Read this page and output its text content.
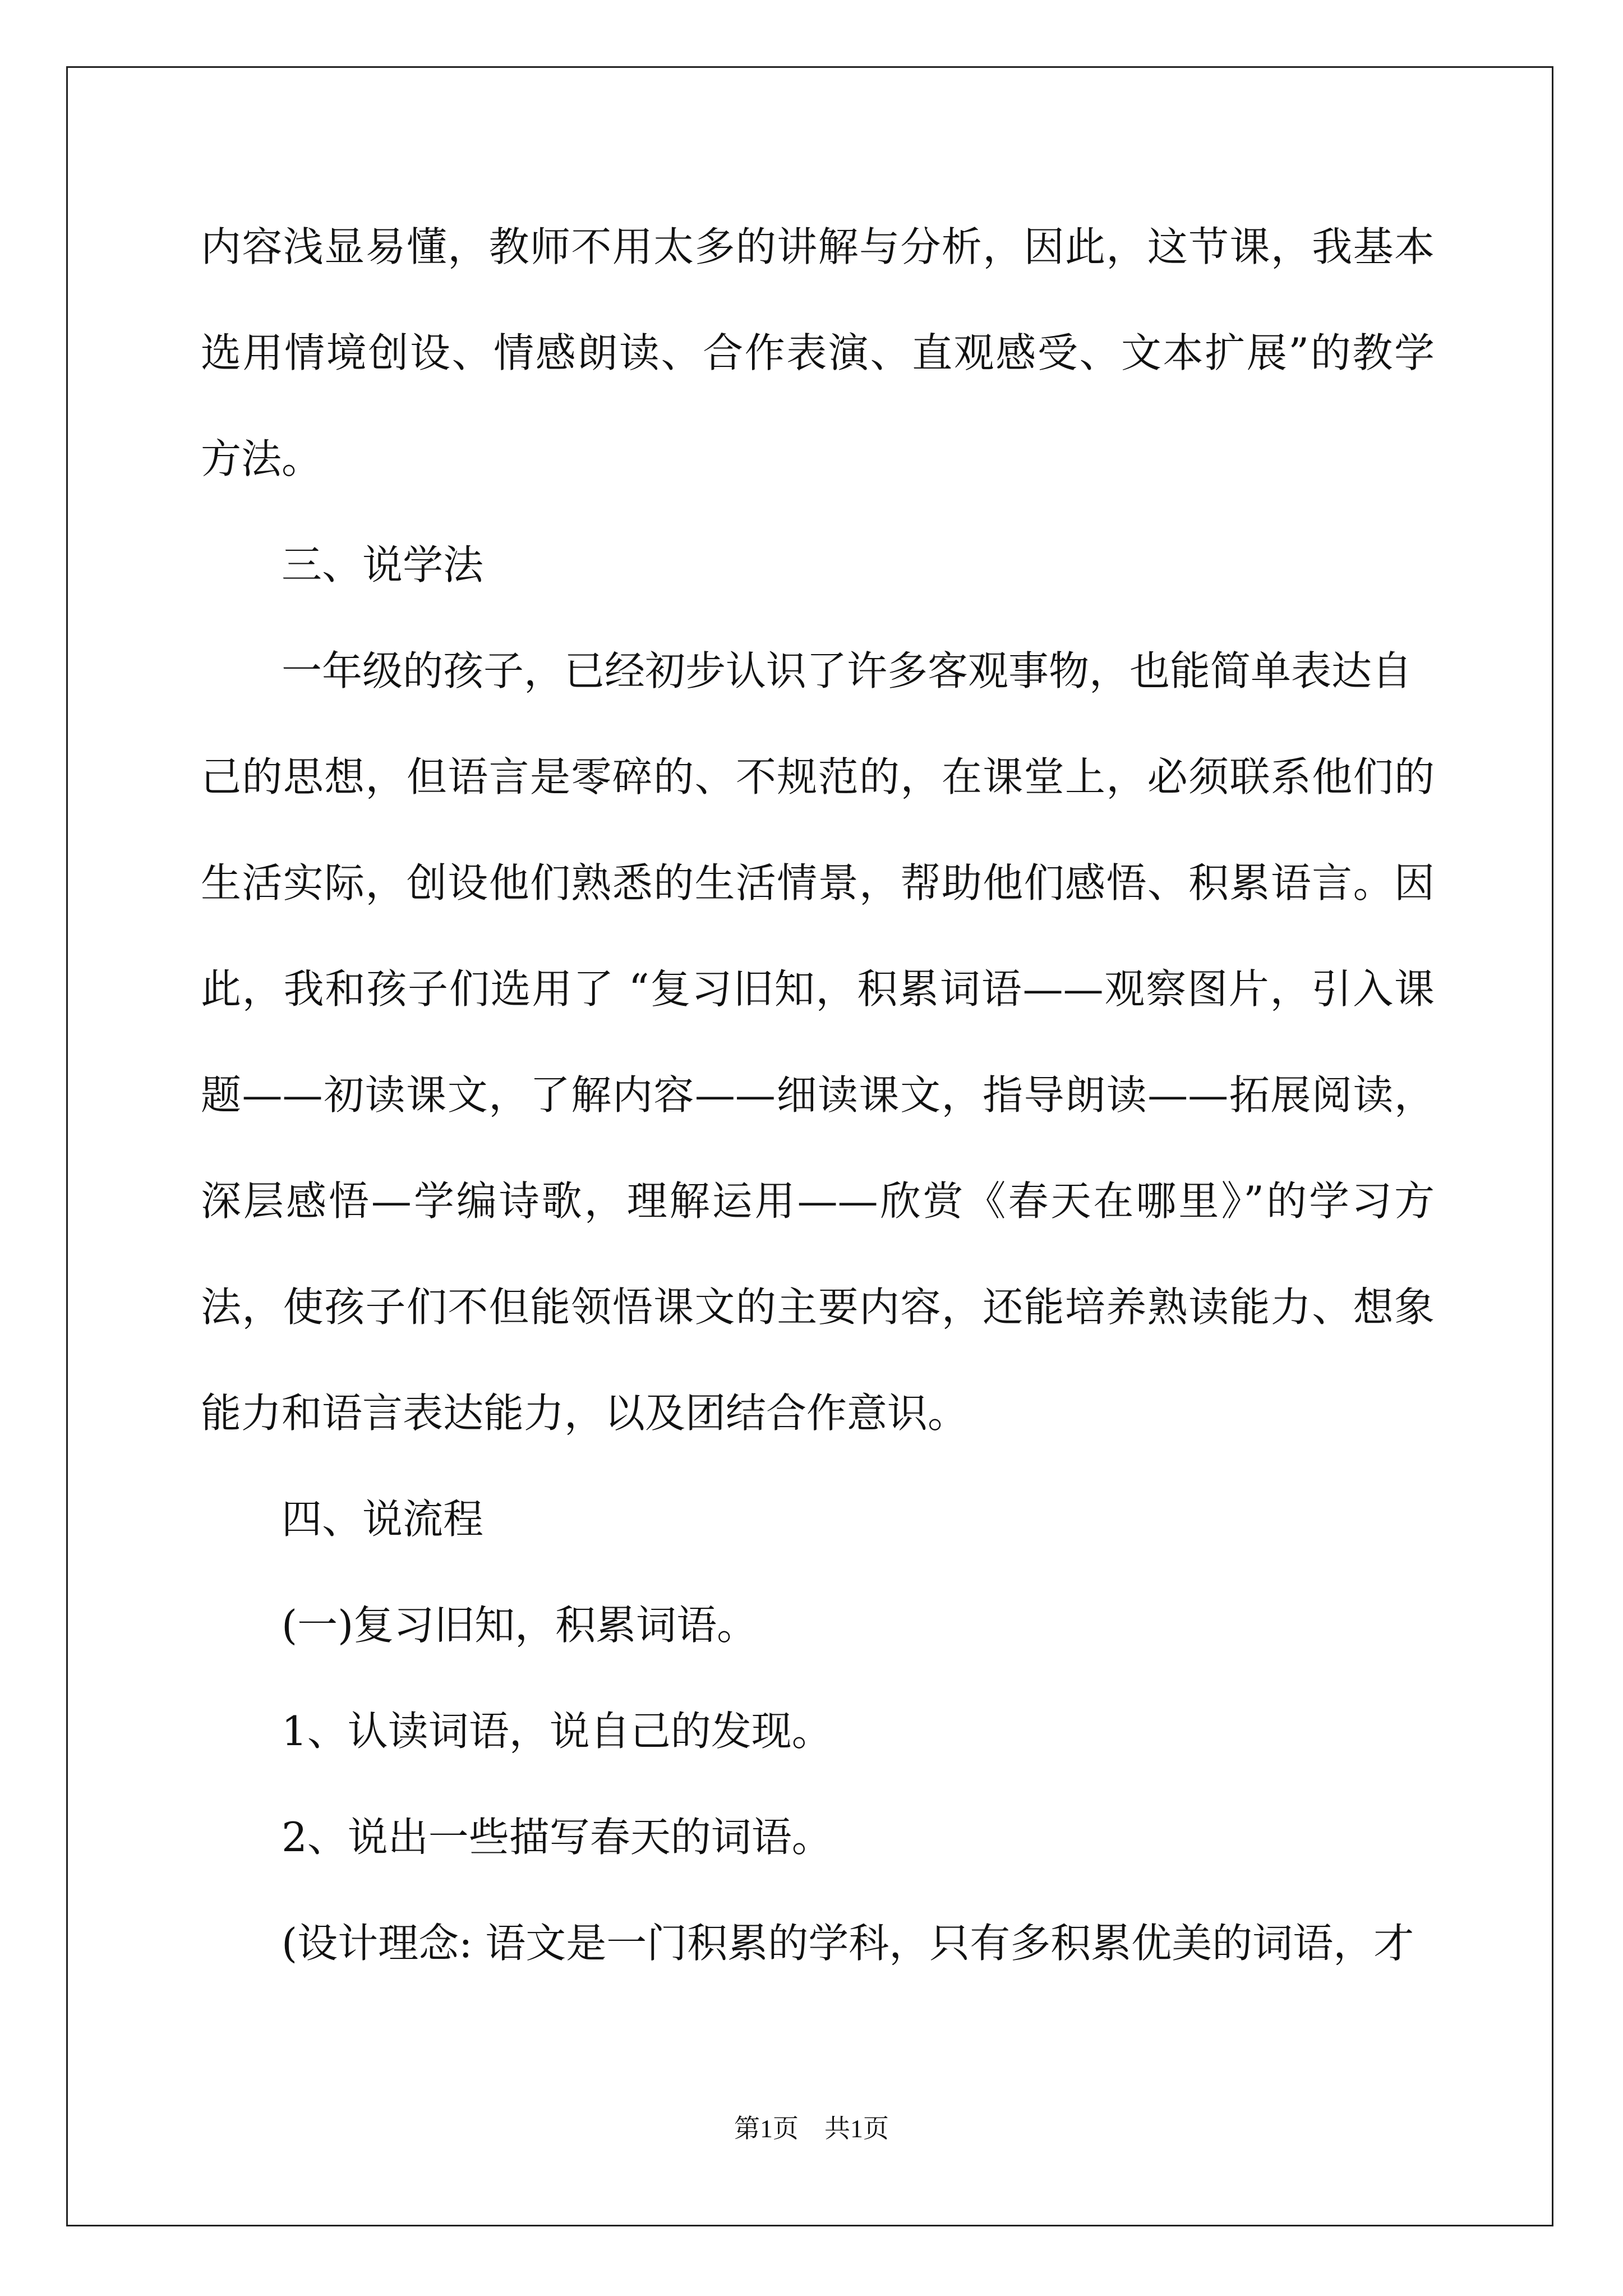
内容浅显易懂，教师不用太多的讲解与分析，因此，这节课，我基本
选用情境创设、情感朗读、合作表演、直观感受、文本扩展”的教学
方法。
三、说学法
一年级的孩子，已经初步认识了许多客观事物，也能简单表达自
己的思想，但语言是零碎的、不规范的，在课堂上，必须联系他们的
生活实际，创设他们熟悉的生活情景，帮助他们感悟、积累语言。因
此，我和孩子们选用了 “复习旧知，积累词语——观察图片，引入课
题——初读课文，了解内容——细读课文，指导朗读——拓展阅读，
深层感悟—学编诗歌，理解运用——欣赏《春天在哪里》”的学习方
法，使孩子们不但能领悟课文的主要内容，还能培养熟读能力、想象
能力和语言表达能力，以及团结合作意识。
四、说流程
(一)复习旧知，积累词语。
1、认读词语，说自己的发现。
2、说出一些描写春天的词语。
(设计理念: 语文是一门积累的学科，只有多积累优美的词语，才
第1页　共1页
